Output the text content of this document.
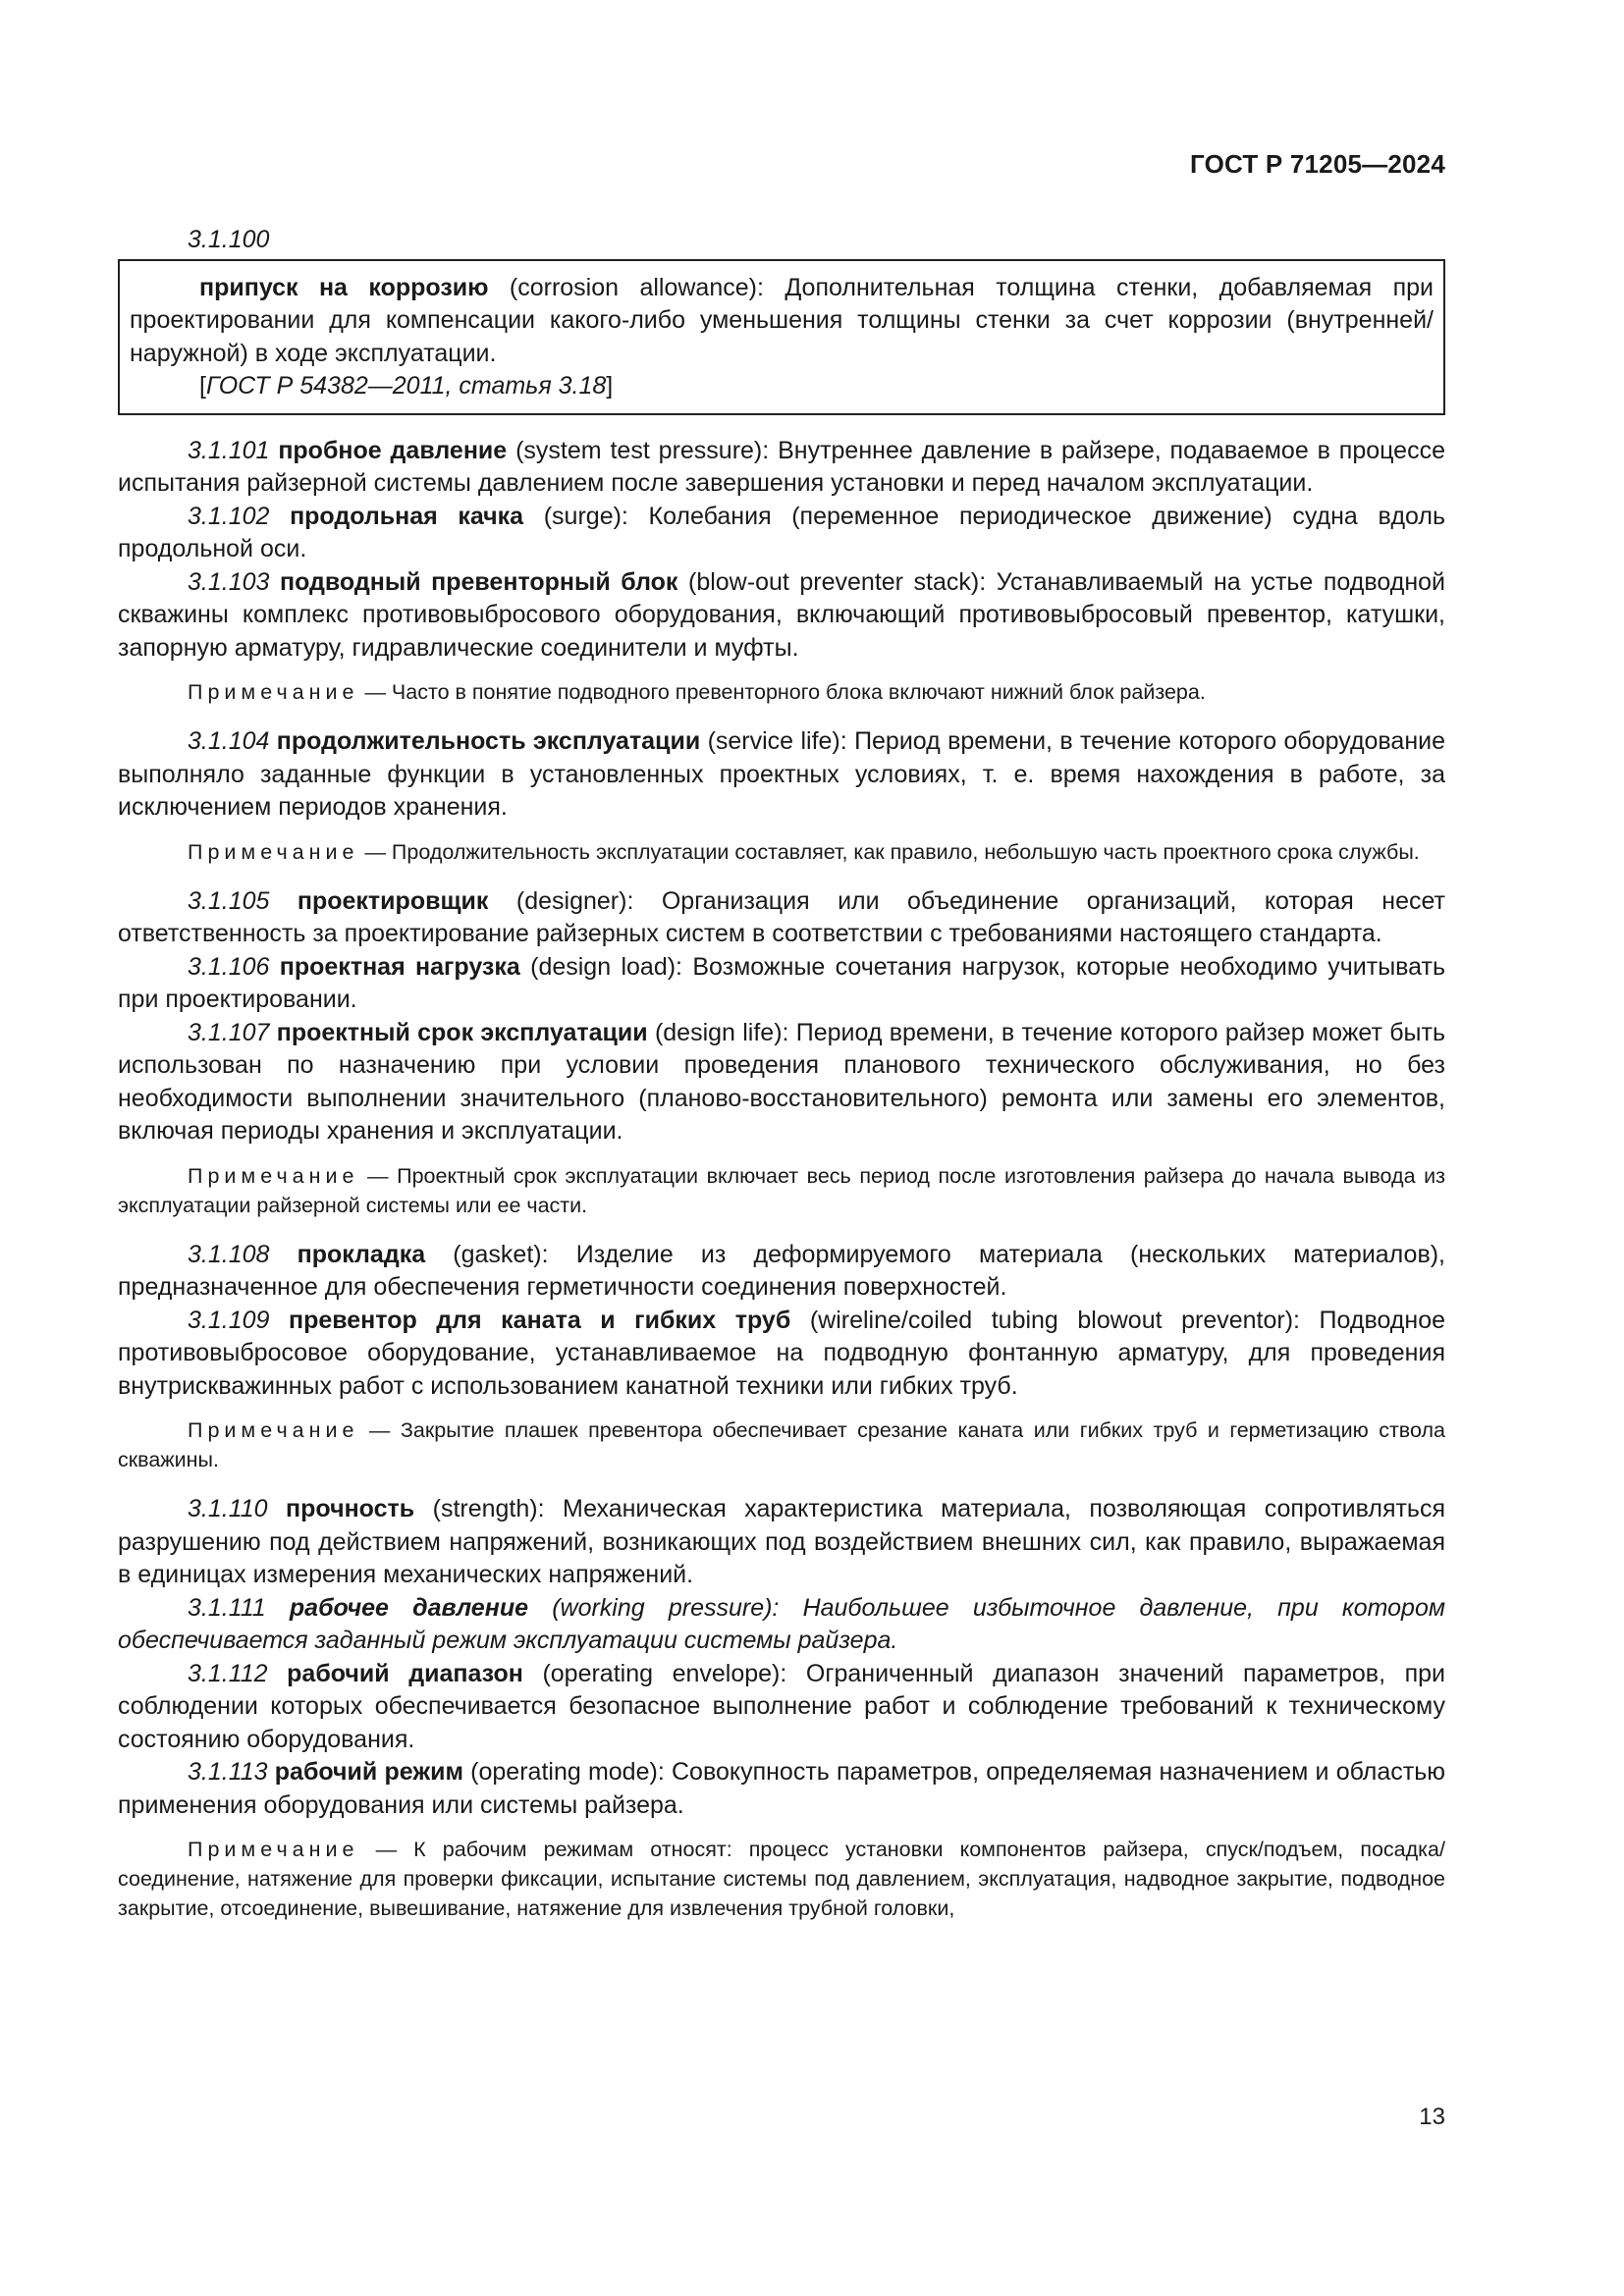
ГОСТ Р 71205—2024

3.1.100

припуск на коррозию (corrosion allowance): Дополнительная толщина стенки, добавляемая при проектировании для компенсации какого-либо уменьшения толщины стенки за счет коррозии (внутренней/наружной) в ходе эксплуатации.

[ГОСТ Р 54382—2011, статья 3.18]

3.1.101 пробное давление (system test pressure): Внутреннее давление в райзере, подаваемое в процессе испытания райзерной системы давлением после завершения установки и перед началом эксплуатации.

3.1.102 продольная качка (surge): Колебания (переменное периодическое движение) судна вдоль продольной оси.

3.1.103 подводный превенторный блок (blow-out preventer stack): Устанавливаемый на устье подводной скважины комплекс противовыбросового оборудования, включающий противовыбросовый превентор, катушки, запорную арматуру, гидравлические соединители и муфты.

Примечание — Часто в понятие подводного превенторного блока включают нижний блок райзера.

3.1.104 продолжительность эксплуатации (service life): Период времени, в течение которого оборудование выполняло заданные функции в установленных проектных условиях, т. е. время нахождения в работе, за исключением периодов хранения.

Примечание — Продолжительность эксплуатации составляет, как правило, небольшую часть проектного срока службы.

3.1.105 проектировщик (designer): Организация или объединение организаций, которая несет ответственность за проектирование райзерных систем в соответствии с требованиями настоящего стандарта.

3.1.106 проектная нагрузка (design load): Возможные сочетания нагрузок, которые необходимо учитывать при проектировании.

3.1.107 проектный срок эксплуатации (design life): Период времени, в течение которого райзер может быть использован по назначению при условии проведения планового технического обслуживания, но без необходимости выполнении значительного (планово-восстановительного) ремонта или замены его элементов, включая периоды хранения и эксплуатации.

Примечание — Проектный срок эксплуатации включает весь период после изготовления райзера до начала вывода из эксплуатации райзерной системы или ее части.

3.1.108 прокладка (gasket): Изделие из деформируемого материала (нескольких материалов), предназначенное для обеспечения герметичности соединения поверхностей.

3.1.109 превентор для каната и гибких труб (wireline/coiled tubing blowout preventor): Подводное противовыбросовое оборудование, устанавливаемое на подводную фонтанную арматуру, для проведения внутрискважинных работ с использованием канатной техники или гибких труб.

Примечание — Закрытие плашек превентора обеспечивает срезание каната или гибких труб и герметизацию ствола скважины.

3.1.110 прочность (strength): Механическая характеристика материала, позволяющая сопротивляться разрушению под действием напряжений, возникающих под воздействием внешних сил, как правило, выражаемая в единицах измерения механических напряжений.

3.1.111 рабочее давление (working pressure): Наибольшее избыточное давление, при котором обеспечивается заданный режим эксплуатации системы райзера.

3.1.112 рабочий диапазон (operating envelope): Ограниченный диапазон значений параметров, при соблюдении которых обеспечивается безопасное выполнение работ и соблюдение требований к техническому состоянию оборудования.

3.1.113 рабочий режим (operating mode): Совокупность параметров, определяемая назначением и областью применения оборудования или системы райзера.

Примечание — К рабочим режимам относят: процесс установки компонентов райзера, спуск/подъем, посадка/соединение, натяжение для проверки фиксации, испытание системы под давлением, эксплуатация, надводное закрытие, подводное закрытие, отсоединение, вывешивание, натяжение для извлечения трубной головки,

13
